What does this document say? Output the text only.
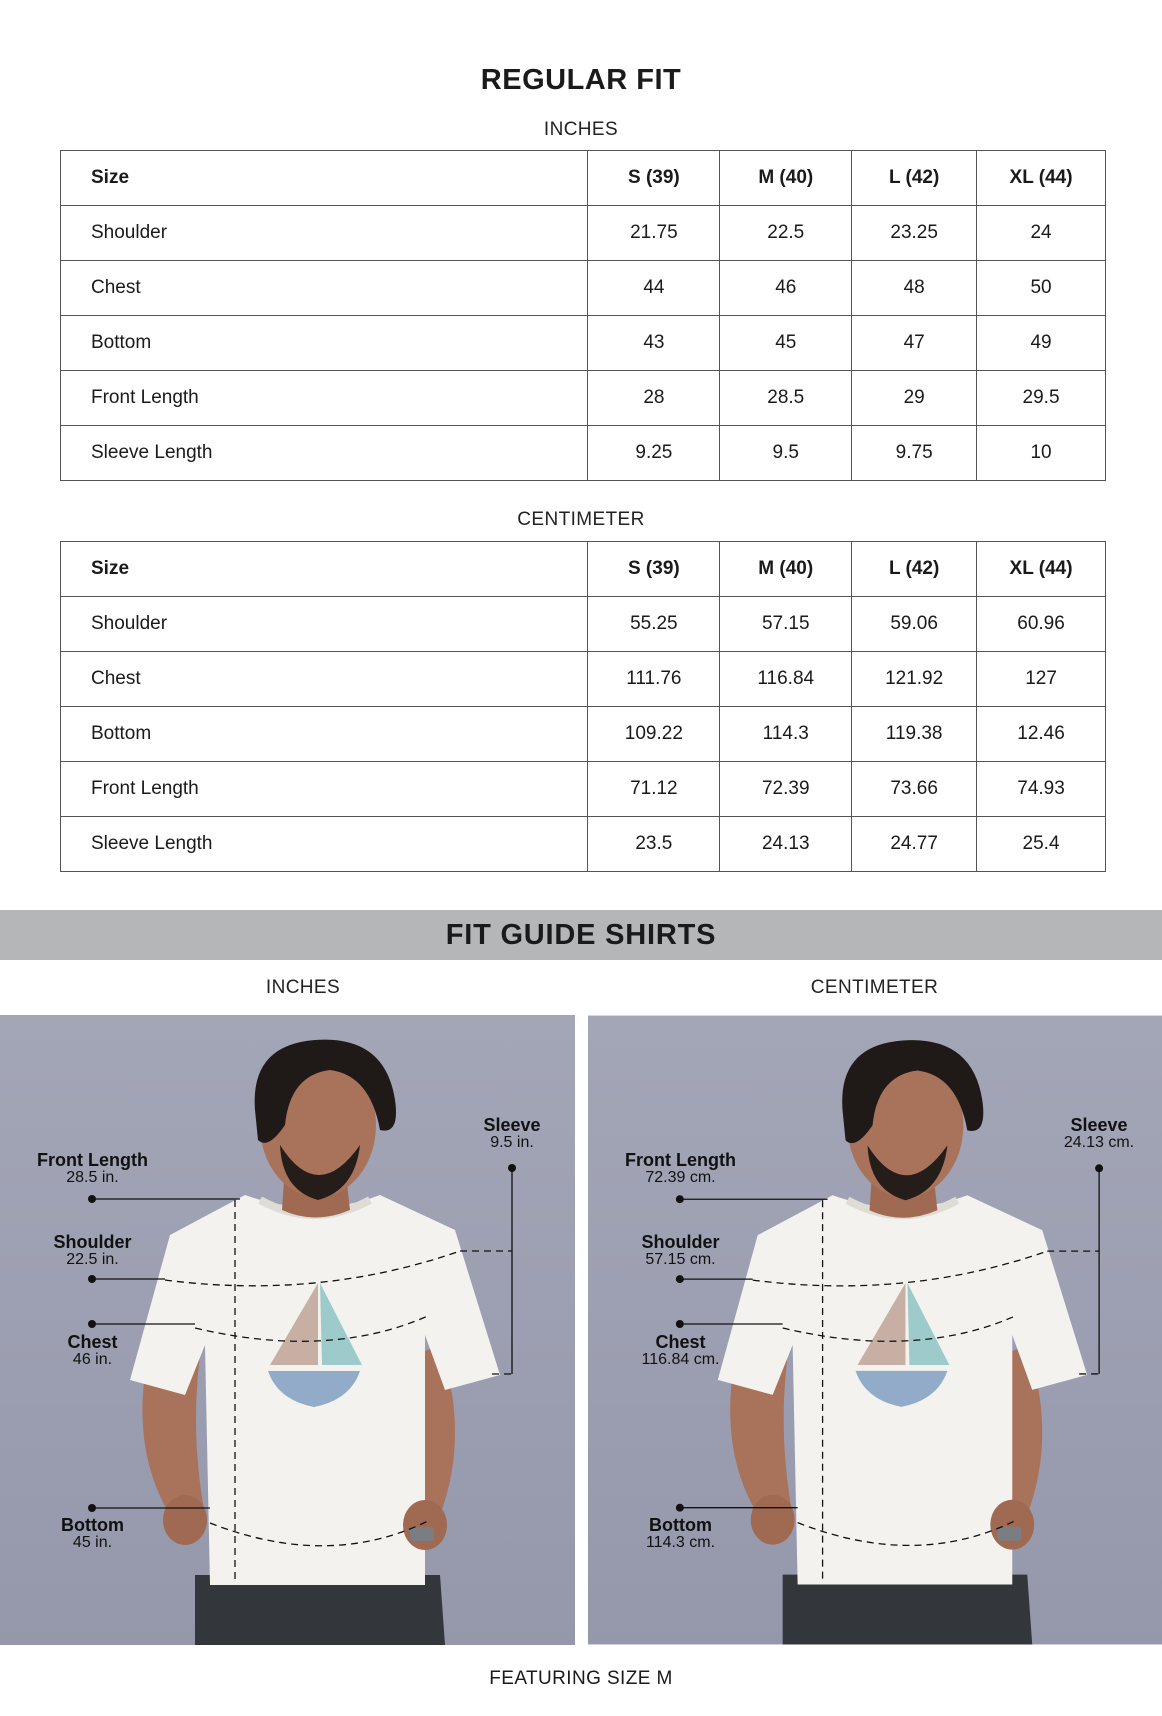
REGULAR FIT
INCHES
Size	S (39)	M (40)	L (42)	XL (44)
Shoulder	21.75	22.5	23.25	24
Chest	44	46	48	50
Bottom	43	45	47	49
Front Length	28	28.5	29	29.5
Sleeve Length	9.25	9.5	9.75	10
CENTIMETER
Size	S (39)	M (40)	L (42)	XL (44)
Shoulder	55.25	57.15	59.06	60.96
Chest	111.76	116.84	121.92	127
Bottom	109.22	114.3	119.38	12.46
Front Length	71.12	72.39	73.66	74.93
Sleeve Length	23.5	24.13	24.77	25.4
FIT GUIDE SHIRTS
INCHES	CENTIMETER
Front Length
28.5 in.
Shoulder
22.5 in.
Chest
46 in.
Bottom
45 in.
Sleeve
9.5 in.
Front Length
72.39 cm.
Shoulder
57.15 cm.
Chest
116.84 cm.
Bottom
114.3 cm.
Sleeve
24.13 cm.
FEATURING SIZE M
